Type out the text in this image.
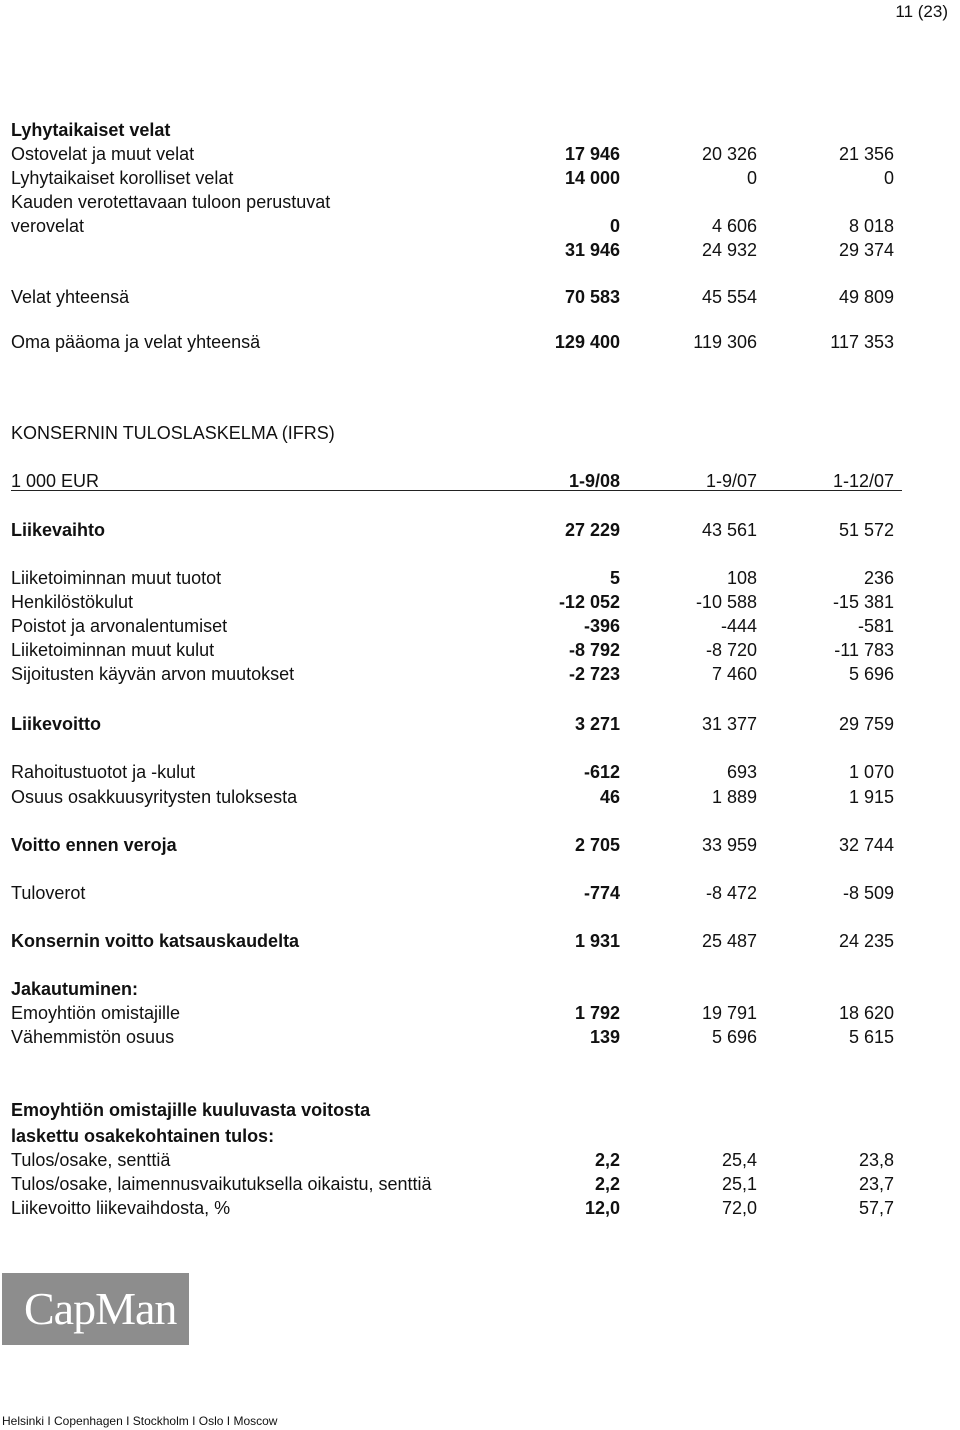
11 (23)
Lyhytaikaiset velat
Ostovelat ja muut velat	17 946	20 326	21 356
Lyhytaikaiset korolliset velat	14 000	0	0
Kauden verotettavaan tuloon perustuvat
verovelat	0	4 606	8 018
31 946	24 932	29 374
Velat yhteensä	70 583	45 554	49 809
Oma pääoma ja velat yhteensä	129 400	119 306	117 353
KONSERNIN TULOSLASKELMA (IFRS)
1 000 EUR	1-9/08	1-9/07	1-12/07
Liikevaihto	27 229	43 561	51 572
Liiketoiminnan muut tuotot	5	108	236
Henkilöstökulut	-12 052	-10 588	-15 381
Poistot ja arvonalentumiset	-396	-444	-581
Liiketoiminnan muut kulut	-8 792	-8 720	-11 783
Sijoitusten käyvän arvon muutokset	-2 723	7 460	5 696
Liikevoitto	3 271	31 377	29 759
Rahoitustuotot ja -kulut	-612	693	1 070
Osuus osakkuusyritysten tuloksesta	46	1 889	1 915
Voitto ennen veroja	2 705	33 959	32 744
Tuloverot	-774	-8 472	-8 509
Konsernin voitto katsauskaudelta	1 931	25 487	24 235
Jakautuminen:
Emoyhtiön omistajille	1 792	19 791	18 620
Vähemmistön osuus	139	5 696	5 615
Emoyhtiön omistajille kuuluvasta voitosta
laskettu osakekohtainen tulos:
Tulos/osake, senttiä	2,2	25,4	23,8
Tulos/osake, laimennusvaikutuksella oikaistu, senttiä	2,2	25,1	23,7
Liikevoitto liikevaihdosta, %	12,0	72,0	57,7
CapMan
Helsinki I Copenhagen I Stockholm I Oslo I Moscow
